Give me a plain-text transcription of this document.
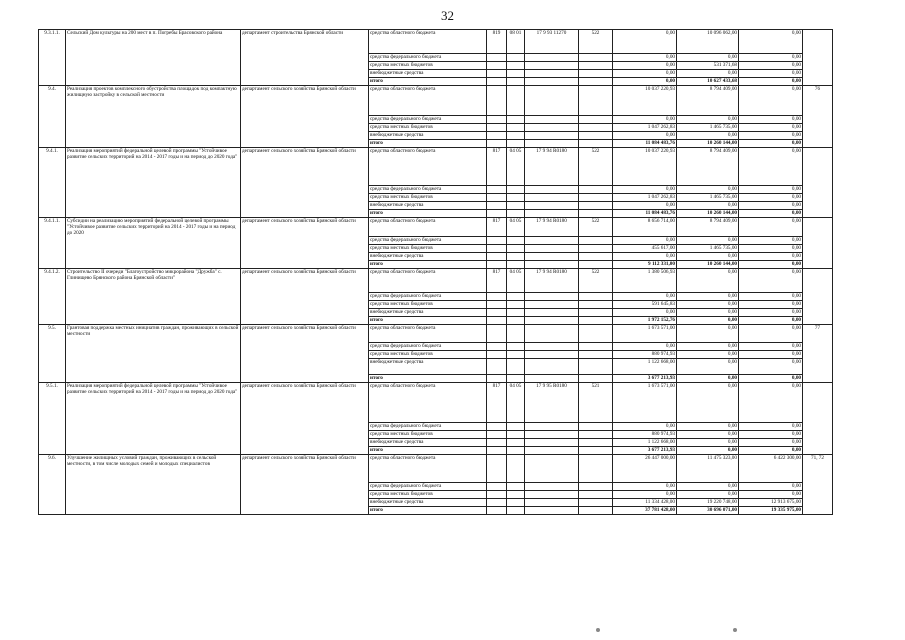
32
9.3.1.1.	Сельский Дом культуры на 200 мест в п. Погребы Брасовского района	департамент строительства Брянской области	средства областного бюджета	819	08 01	17 9 93 11270	522	0,00	10 096 062,00	0,00	
			средства федерального бюджета					0,00	0,00	0,00	
			средства местных бюджетов					0,00	531 371,68	0,00	
			внебюджетные средства					0,00	0,00	0,00	
			итого					0,00	10 627 433,68	0,00	
9.4.	Реализация проектов комплексного обустройства площадок под компактную жилищную застройку в сельской местности	департамент сельского хозяйства Брянской области	средства областного бюджета					10 037 220,93	8 794 409,00	0,00	76
			средства федерального бюджета					0,00	0,00	0,00	
			средства местных бюджетов					1 047 262,83	1 465 735,00	0,00	
			внебюджетные средства					0,00	0,00	0,00	
			итого					11 084 483,76	10 260 144,00	0,00	
9.4.1.	Реализация мероприятий федеральной целевой программы "Устойчивое развитие сельских территорий на 2014 - 2017 годы и на период до 2020 года"	департамент сельского хозяйства Брянской области	средства областного бюджета	817	04 05	17 9 94 R0180	522	10 037 220,93	8 794 409,00	0,00	
			средства федерального бюджета					0,00	0,00	0,00	
			средства местных бюджетов					1 047 262,83	1 465 735,00	0,00	
			внебюджетные средства					0,00	0,00	0,00	
			итого					11 084 483,76	10 260 144,00	0,00	
9.4.1.1.	Субсидии на реализацию мероприятий федеральной целевой программы "Устойчивое развитие сельских территорий на 2014 - 2017 годы и на период до 2020	департамент сельского хозяйства Брянской области	средства областного бюджета	817	04 05	17 9 94 R0180	522	8 656 714,00	8 794 409,00	0,00	
			средства федерального бюджета					0,00	0,00	0,00	
			средства местных бюджетов					455 617,00	1 465 735,00	0,00	
			внебюджетные средства					0,00	0,00	0,00	
			итого					9 112 331,00	10 260 144,00	0,00	
9.4.1.2.	Строительство II очереди "Благоустройство микрорайона "Дружба" с. Глинищево Брянского района Брянской области"	департамент сельского хозяйства Брянской области	средства областного бюджета	817	04 05	17 9 94 R0180	522	1 380 506,93	0,00	0,00	
			средства федерального бюджета					0,00	0,00	0,00	
			средства местных бюджетов					591 645,83	0,00	0,00	
			внебюджетные средства					0,00	0,00	0,00	
			итого					1 972 152,76	0,00	0,00	
9.5.	Грантовая поддержка местных инициатив граждан, проживающих в сельской местности	департамент сельского хозяйства Брянской области	средства областного бюджета					1 673 571,00	0,00	0,00	77
			средства федерального бюджета					0,00	0,00	0,00	
			средства местных бюджетов					880 974,93	0,00	0,00	
			внебюджетные средства					1 122 668,00	0,00	0,00	
			итого					3 677 213,93	0,00	0,00	
9.5.1.	Реализация мероприятий федеральной целевой программы "Устойчивое развитие сельских территорий на 2014 - 2017 годы и на период до 2020 года"	департамент сельского хозяйства Брянской области	средства областного бюджета	817	04 05	17 9 95 R0180	521	1 673 571,00	0,00	0,00	
			средства федерального бюджета					0,00	0,00	0,00	
			средства местных бюджетов					880 974,93	0,00	0,00	
			внебюджетные средства					1 122 668,00	0,00	0,00	
			итого					3 677 213,93	0,00	0,00	
9.6.	Улучшение жилищных условий граждан, проживающих в сельской местности, в том числе молодых семей и молодых специалистов	департамент сельского хозяйства Брянской области	средства областного бюджета					26 447 000,00	11 475 323,00	6 422 300,00	71, 72
			средства федерального бюджета					0,00	0,00	0,00	
			средства местных бюджетов					0,00	0,00	0,00	
			внебюджетные средства					11 334 428,00	19 220 748,00	12 913 675,00	
			итого					37 781 428,00	30 696 071,00	19 335 975,00	
